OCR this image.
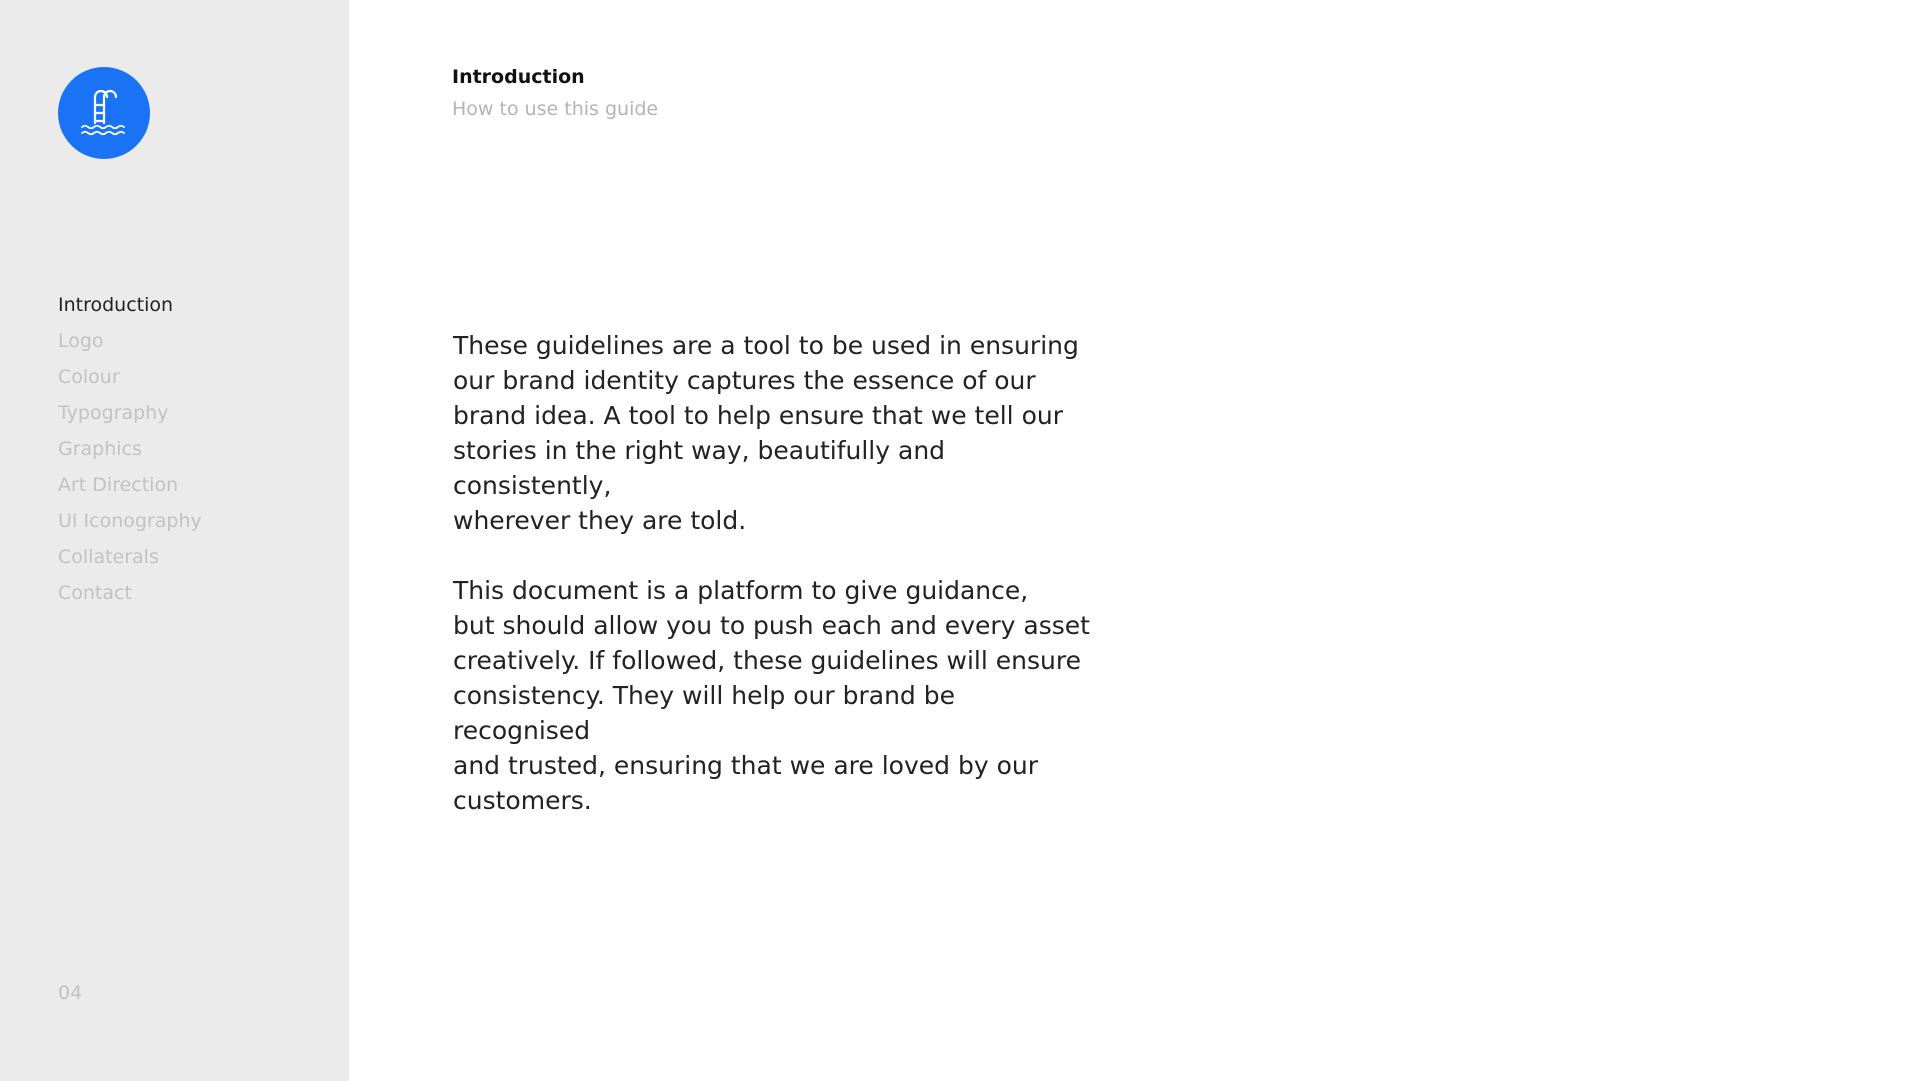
Introduction
Logo
Colour
Typography
Graphics
Art Direction
UI Iconography
Collaterals
Contact
04
Introduction
How to use this guide

These guidelines are a tool to be used in ensuring
our brand identity captures the essence of our
brand idea. A tool to help ensure that we tell our
stories in the right way, beautifully and consistently,
wherever they are told.

This document is a platform to give guidance,
but should allow you to push each and every asset
creatively. If followed, these guidelines will ensure
consistency. They will help our brand be recognised
and trusted, ensuring that we are loved by our
customers.
